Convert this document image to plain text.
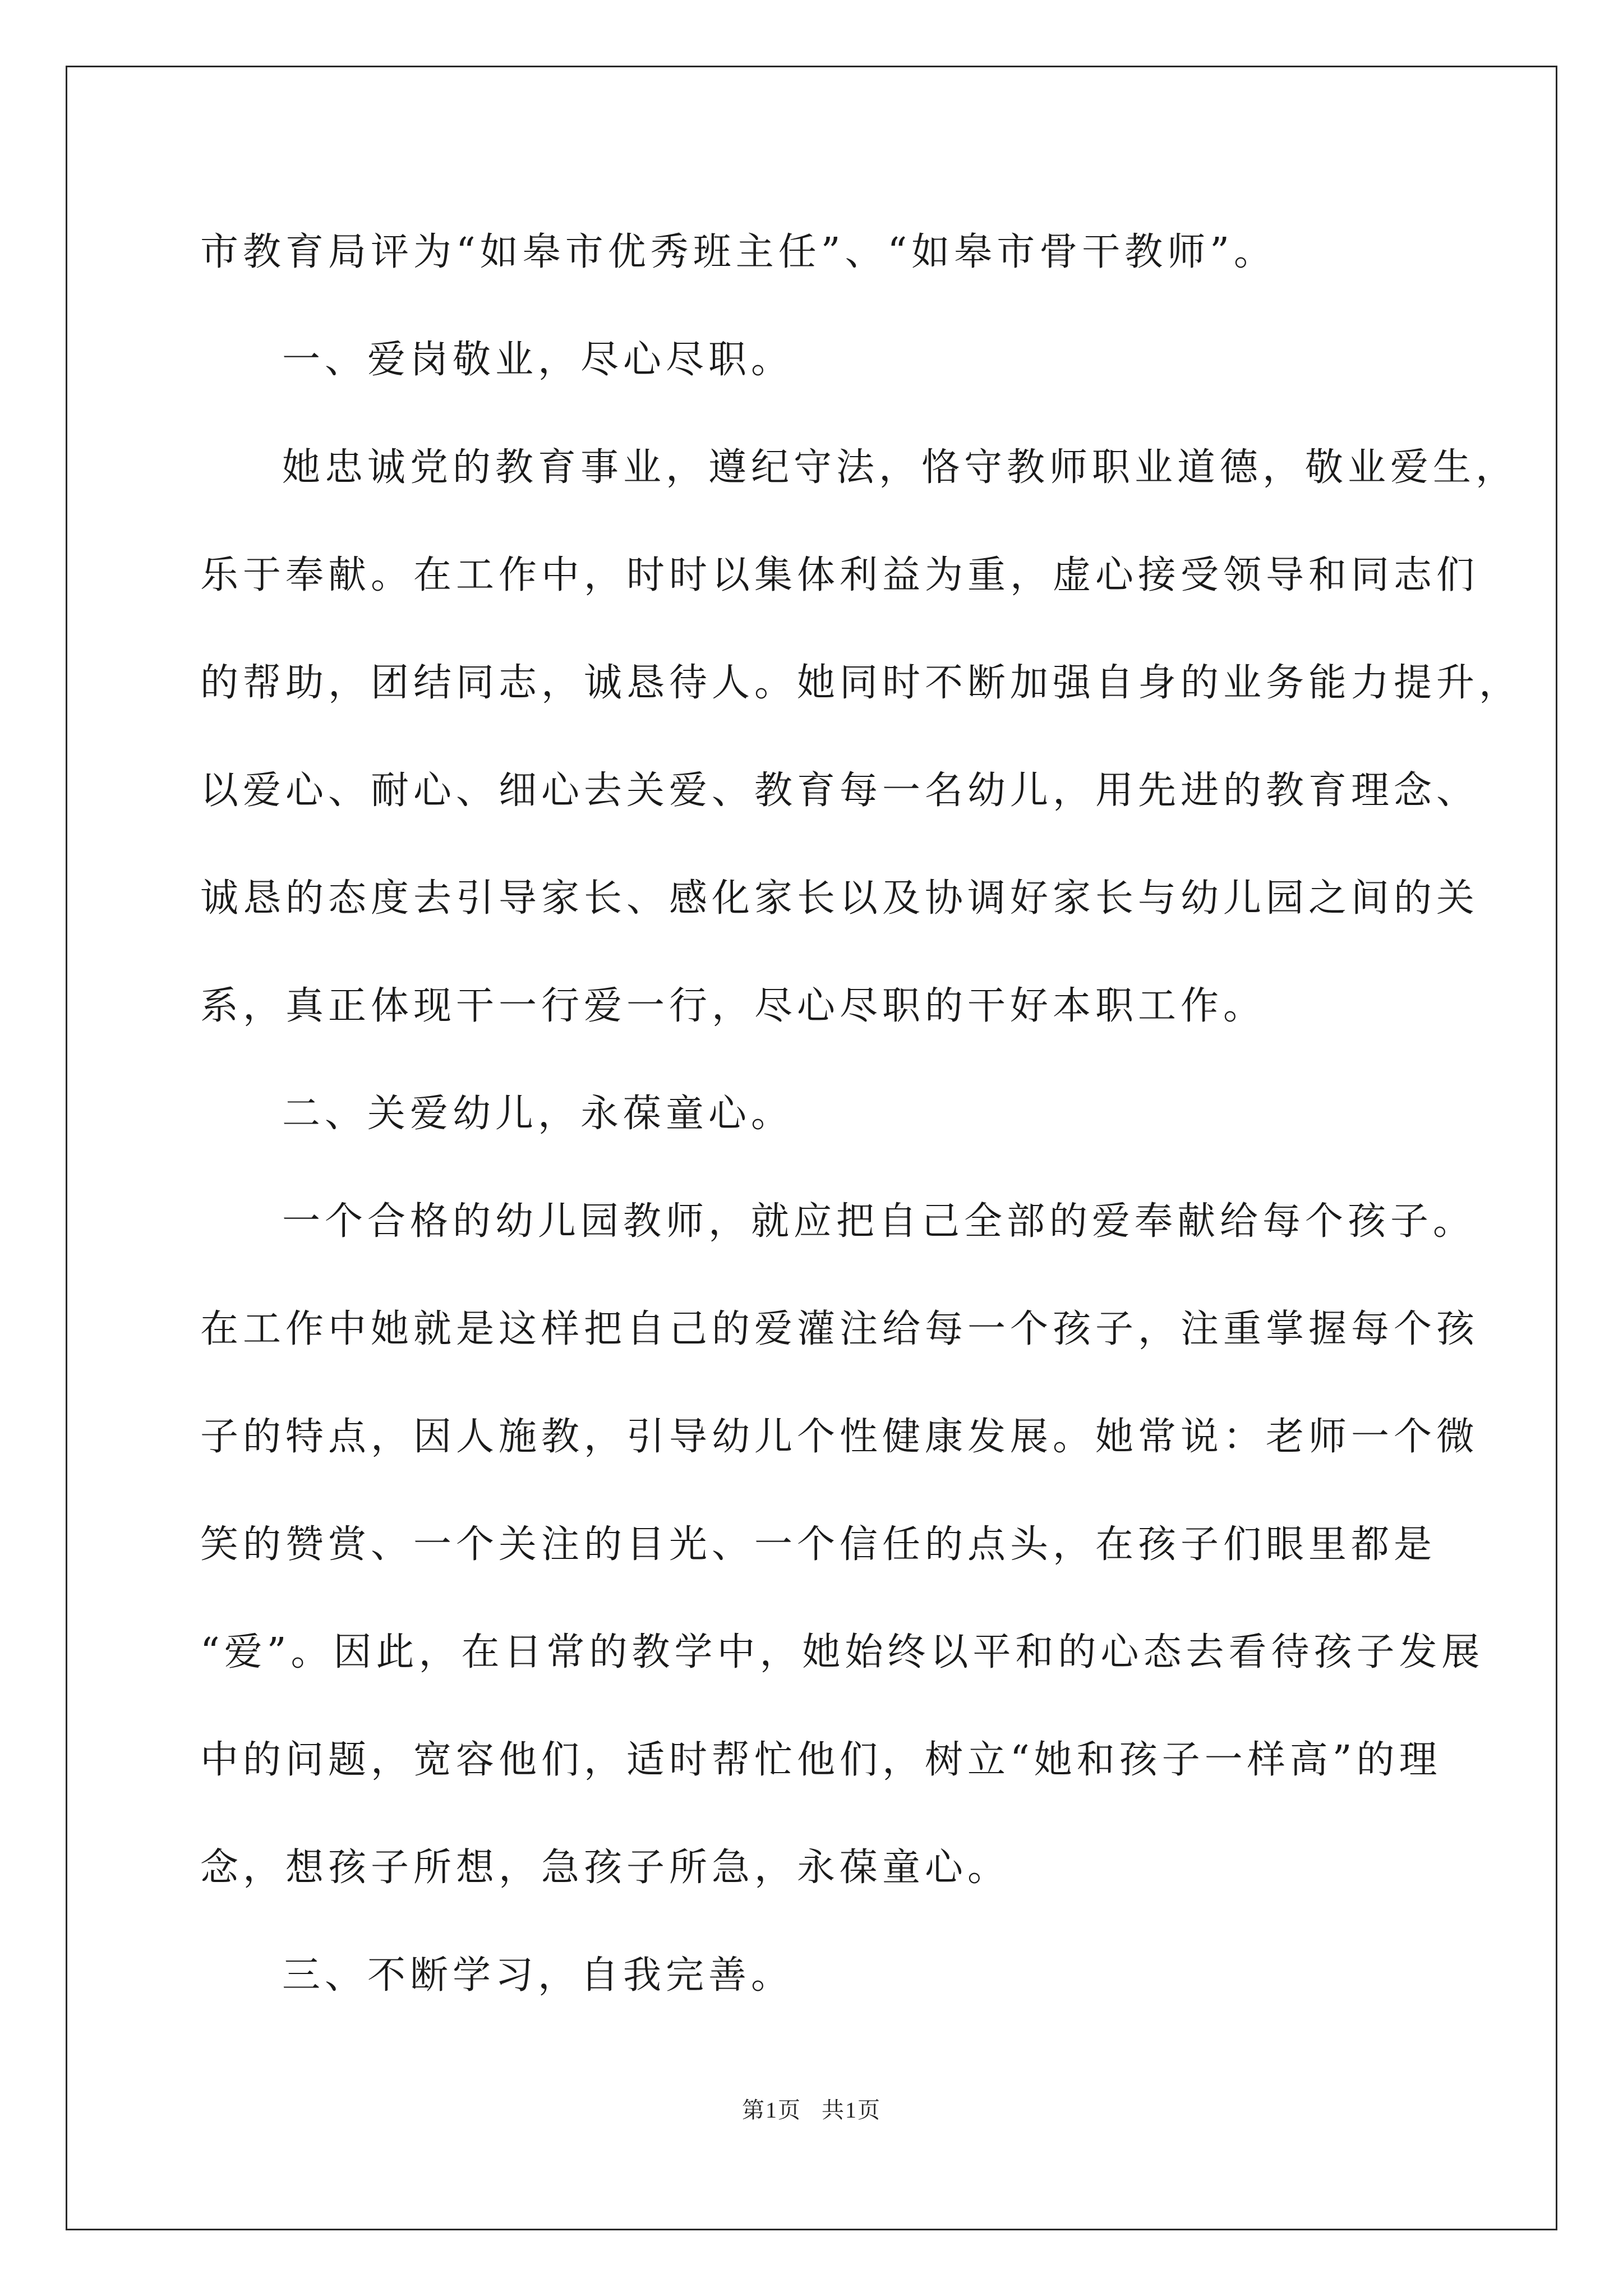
市教育局评为“如皋市优秀班主任”、“如皋市骨干教师”。
一、爱岗敬业，尽心尽职。
她忠诚党的教育事业，遵纪守法，恪守教师职业道德，敬业爱生，
乐于奉献。在工作中，时时以集体利益为重，虚心接受领导和同志们
的帮助，团结同志，诚恳待人。她同时不断加强自身的业务能力提升，
以爱心、耐心、细心去关爱、教育每一名幼儿，用先进的教育理念、
诚恳的态度去引导家长、感化家长以及协调好家长与幼儿园之间的关
系，真正体现干一行爱一行，尽心尽职的干好本职工作。
二、关爱幼儿，永葆童心。
一个合格的幼儿园教师，就应把自己全部的爱奉献给每个孩子。
在工作中她就是这样把自己的爱灌注给每一个孩子，注重掌握每个孩
子的特点，因人施教，引导幼儿个性健康发展。她常说：老师一个微
笑的赞赏、一个关注的目光、一个信任的点头，在孩子们眼里都是
“爱”。因此，在日常的教学中，她始终以平和的心态去看待孩子发展
中的问题，宽容他们，适时帮忙他们，树立“她和孩子一样高”的理
念，想孩子所想，急孩子所急，永葆童心。
三、不断学习，自我完善。
第1页   共1页
